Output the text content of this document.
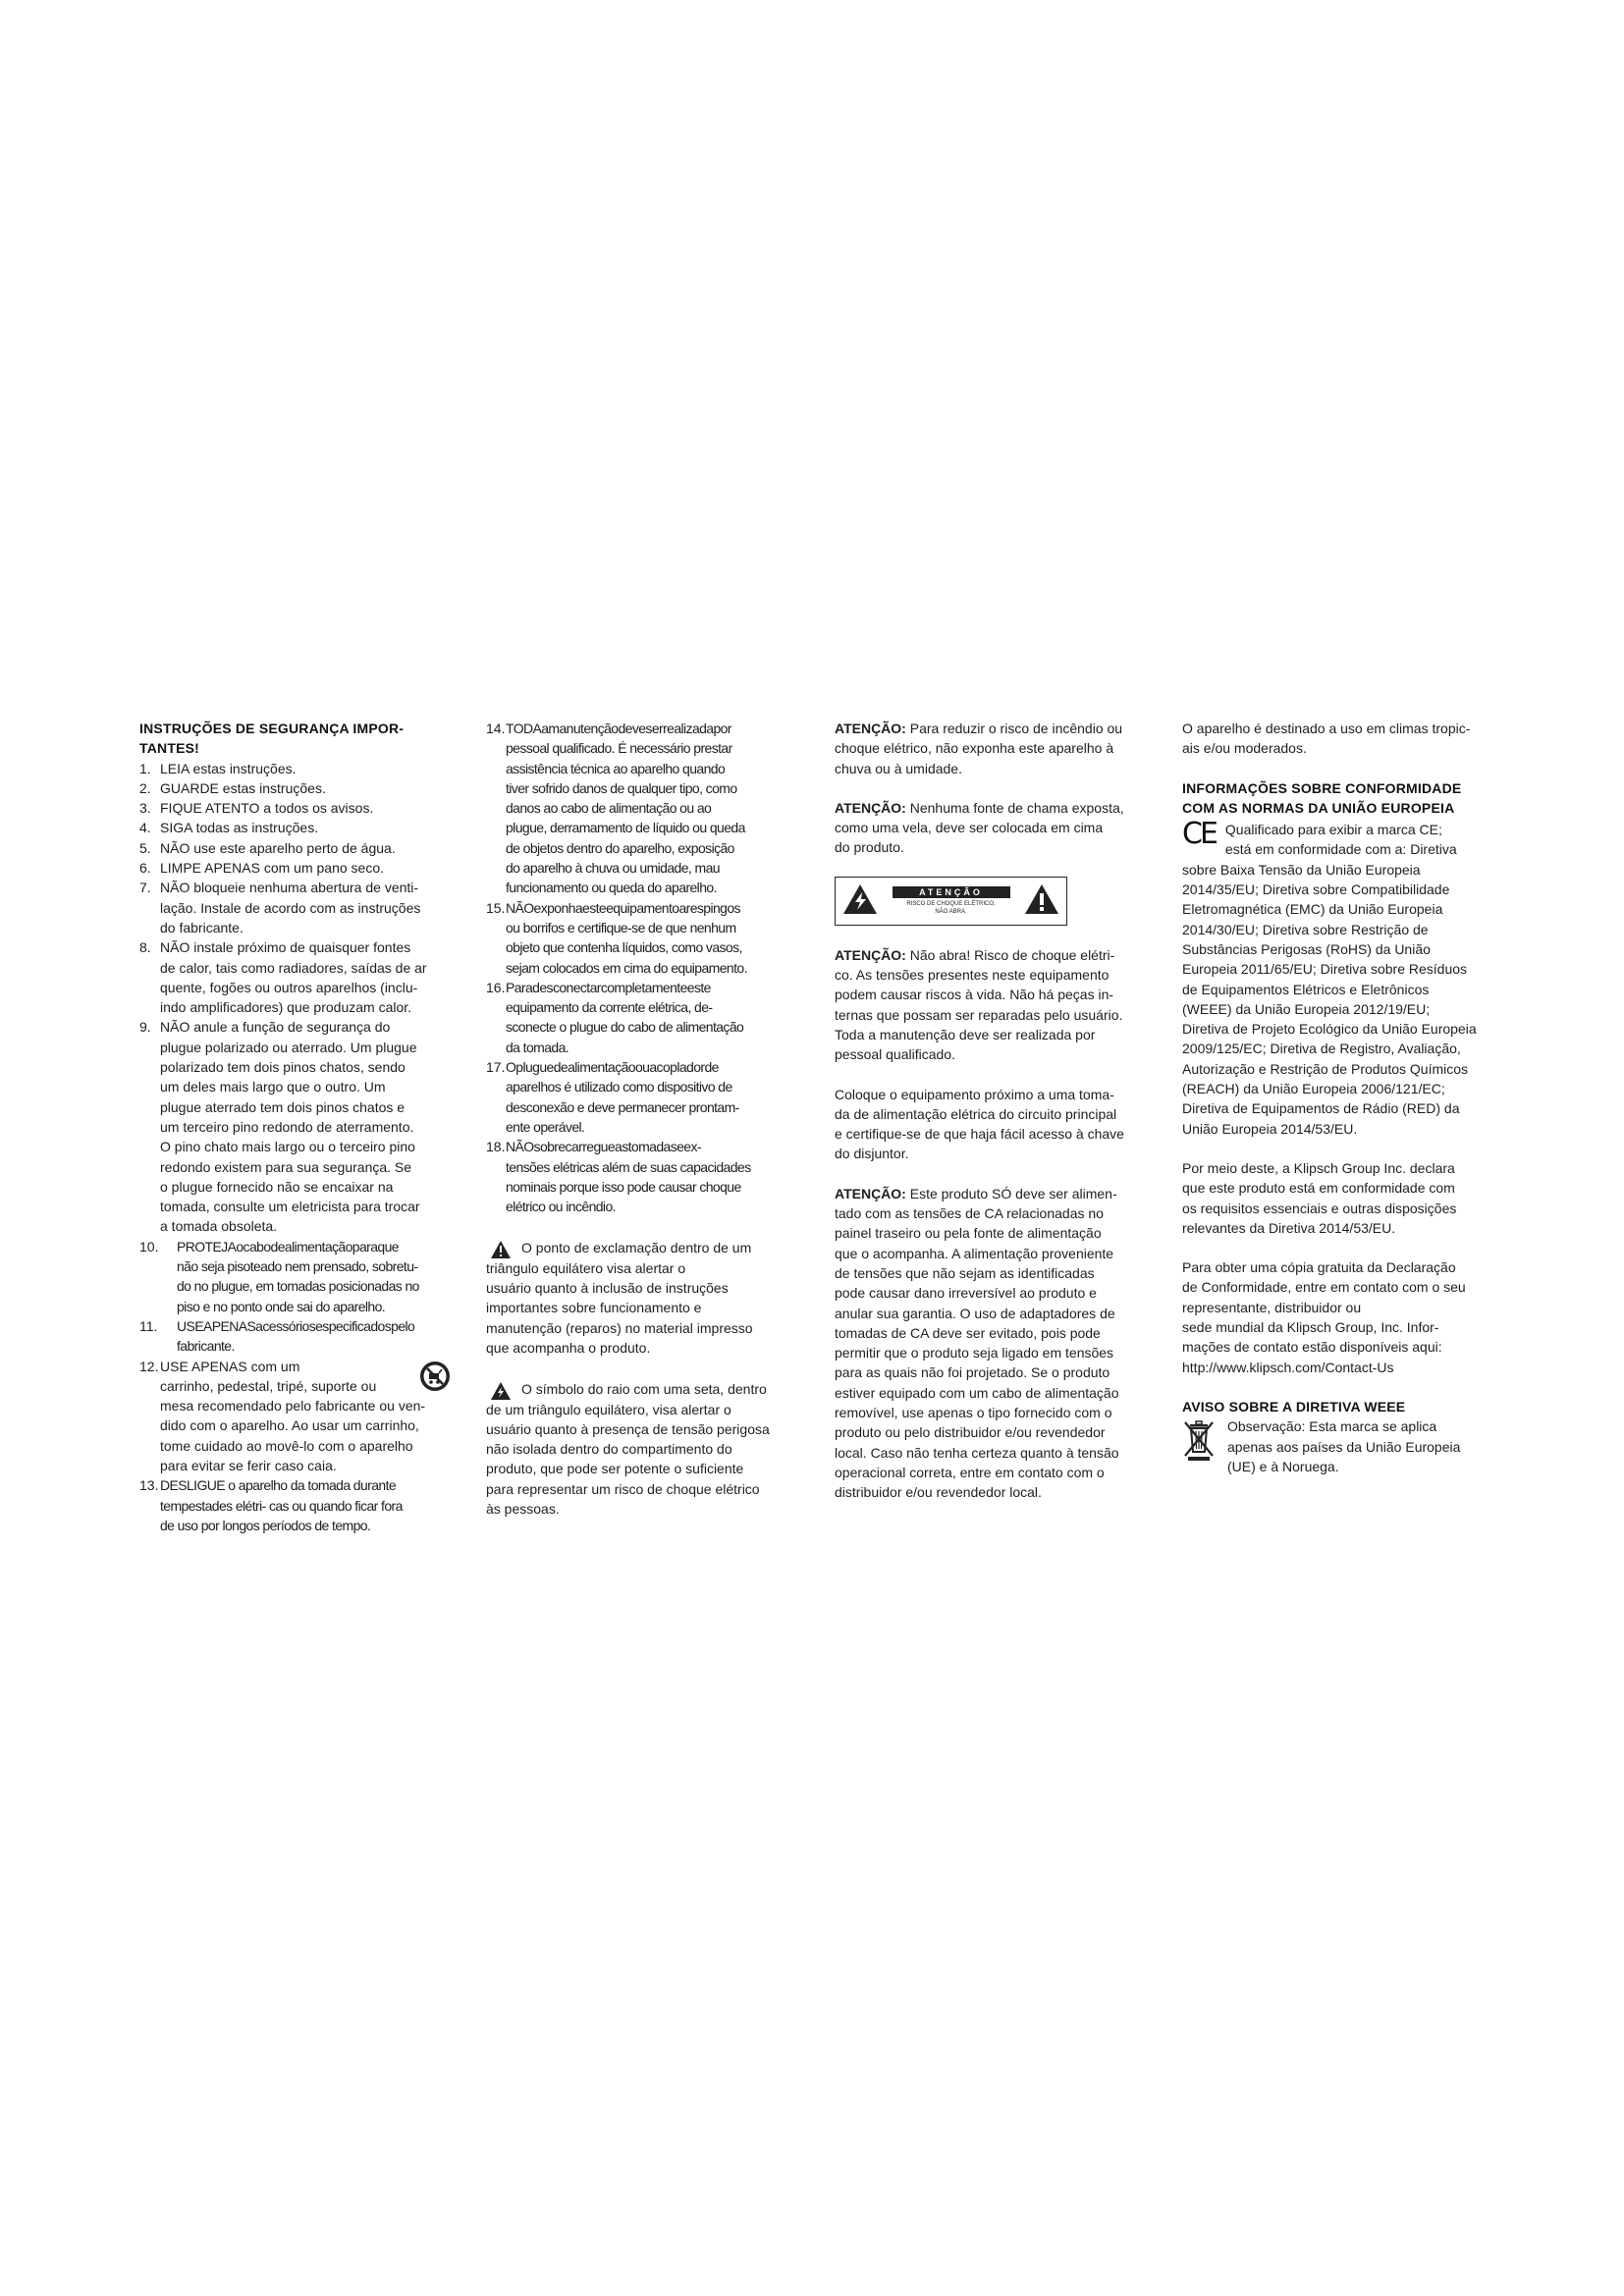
INSTRUÇÕES DE SEGURANÇA IMPOR-
TANTES!

1. LEIA estas instruções.
2. GUARDE estas instruções.
3. FIQUE ATENTO a todos os avisos.
4. SIGA todas as instruções.
5. NÃO use este aparelho perto de água.
6. LIMPE APENAS com um pano seco.
7. NÃO bloqueie nenhuma abertura de venti-
lação. Instale de acordo com as instruções
do fabricante.
8. NÃO instale próximo de quaisquer fontes
de calor, tais como radiadores, saídas de ar
quente, fogões ou outros aparelhos (inclu-
indo amplificadores) que produzam calor.
9. NÃO anule a função de segurança do
plugue polarizado ou aterrado. Um plugue
polarizado tem dois pinos chatos, sendo
um deles mais largo que o outro. Um
plugue aterrado tem dois pinos chatos e
um terceiro pino redondo de aterramento.
O pino chato mais largo ou o terceiro pino
redondo existem para sua segurança. Se
o plugue fornecido não se encaixar na
tomada, consulte um eletricista para trocar
a tomada obsoleta.
10.	PROTEJAocabodealimentaçãoparaque
não seja pisoteado nem prensado, sobretu-
do no plugue, em tomadas posicionadas no
piso e no ponto onde sai do aparelho.
11.	USEAPENASacessóriosespecificadospelo
fabricante.
12. USE APENAS com um
carrinho, pedestal, tripé, suporte ou
mesa recomendado pelo fabricante ou ven-
dido com o aparelho. Ao usar um carrinho,
tome cuidado ao movê-lo com o aparelho
para evitar se ferir caso caia.
13. DESLIGUE o aparelho da tomada durante
tempestades elétri- cas ou quando ficar fora
de uso por longos períodos de tempo.
14. TODAamanutençãodeveserrealizadapor
pessoal qualificado. É necessário prestar
assistência técnica ao aparelho quando
tiver sofrido danos de qualquer tipo, como
danos ao cabo de alimentação ou ao
plugue, derramamento de líquido ou queda
de objetos dentro do aparelho, exposição
do aparelho à chuva ou umidade, mau
funcionamento ou queda do aparelho.
15. NÃOexponhaesteequipamentoarespingos
ou borrifos e certifique-se de que nenhum
objeto que contenha líquidos, como vasos,
sejam colocados em cima do equipamento.
16. Paradesconectarcompletamenteeste
equipamento da corrente elétrica, de-
sconecte o plugue do cabo de alimentação
da tomada.
17. Opluguedealimentaçãoouacopladorde
aparelhos é utilizado como dispositivo de
desconexão e deve permanecer prontam-
ente operável.
18. NÃOsobrecarregueastomadaseex-
tensões elétricas além de suas capacidades
nominais porque isso pode causar choque
elétrico ou incêndio.

O ponto de exclamação dentro de um
triângulo equilátero visa alertar o
usuário quanto à inclusão de instruções
importantes sobre funcionamento e
manutenção (reparos) no material impresso
que acompanha o produto.

O símbolo do raio com uma seta, dentro
de um triângulo equilátero, visa alertar o
usuário quanto à presença de tensão perigosa
não isolada dentro do compartimento do
produto, que pode ser potente o suficiente
para representar um risco de choque elétrico
às pessoas.

ATENÇÃO: Para reduzir o risco de incêndio ou
choque elétrico, não exponha este aparelho à
chuva ou à umidade.

ATENÇÃO: Nenhuma fonte de chama exposta,
como uma vela, deve ser colocada em cima
do produto.

ATENÇÃO
RISCO DE CHOQUE ELÉTRICO,
NÃO ABRA.

ATENÇÃO: Não abra! Risco de choque elétri-
co. As tensões presentes neste equipamento
podem causar riscos à vida. Não há peças in-
ternas que possam ser reparadas pelo usuário.
Toda a manutenção deve ser realizada por
pessoal qualificado.

Coloque o equipamento próximo a uma toma-
da de alimentação elétrica do circuito principal
e certifique-se de que haja fácil acesso à chave
do disjuntor.

ATENÇÃO: Este produto SÓ deve ser alimen-
tado com as tensões de CA relacionadas no
painel traseiro ou pela fonte de alimentação
que o acompanha. A alimentação proveniente
de tensões que não sejam as identificadas
pode causar dano irreversível ao produto e
anular sua garantia. O uso de adaptadores de
tomadas de CA deve ser evitado, pois pode
permitir que o produto seja ligado em tensões
para as quais não foi projetado. Se o produto
estiver equipado com um cabo de alimentação
removível, use apenas o tipo fornecido com o
produto ou pelo distribuidor e/ou revendedor
local. Caso não tenha certeza quanto à tensão
operacional correta, entre em contato com o
distribuidor e/ou revendedor local.

O aparelho é destinado a uso em climas tropic-
ais e/ou moderados.

INFORMAÇÕES SOBRE CONFORMIDADE
COM AS NORMAS DA UNIÃO EUROPEIA

CE Qualificado para exibir a marca CE;
está em conformidade com a: Diretiva

sobre Baixa Tensão da União Europeia
2014/35/EU; Diretiva sobre Compatibilidade
Eletromagnética (EMC) da União Europeia
2014/30/EU; Diretiva sobre Restrição de
Substâncias Perigosas (RoHS) da União
Europeia 2011/65/EU; Diretiva sobre Resíduos
de Equipamentos Elétricos e Eletrônicos
(WEEE) da União Europeia 2012/19/EU;
Diretiva de Projeto Ecológico da União Europeia
2009/125/EC; Diretiva de Registro, Avaliação,
Autorização e Restrição de Produtos Químicos
(REACH) da União Europeia 2006/121/EC;
Diretiva de Equipamentos de Rádio (RED) da
União Europeia 2014/53/EU.

Por meio deste, a Klipsch Group Inc. declara
que este produto está em conformidade com
os requisitos essenciais e outras disposições
relevantes da Diretiva 2014/53/EU.

Para obter uma cópia gratuita da Declaração
de Conformidade, entre em contato com o seu
representante, distribuidor ou
sede mundial da Klipsch Group, Inc. Infor-
mações de contato estão disponíveis aqui:
http://www.klipsch.com/Contact-Us

AVISO SOBRE A DIRETIVA WEEE

Observação: Esta marca se aplica
apenas aos países da União Europeia
(UE) e à Noruega.
